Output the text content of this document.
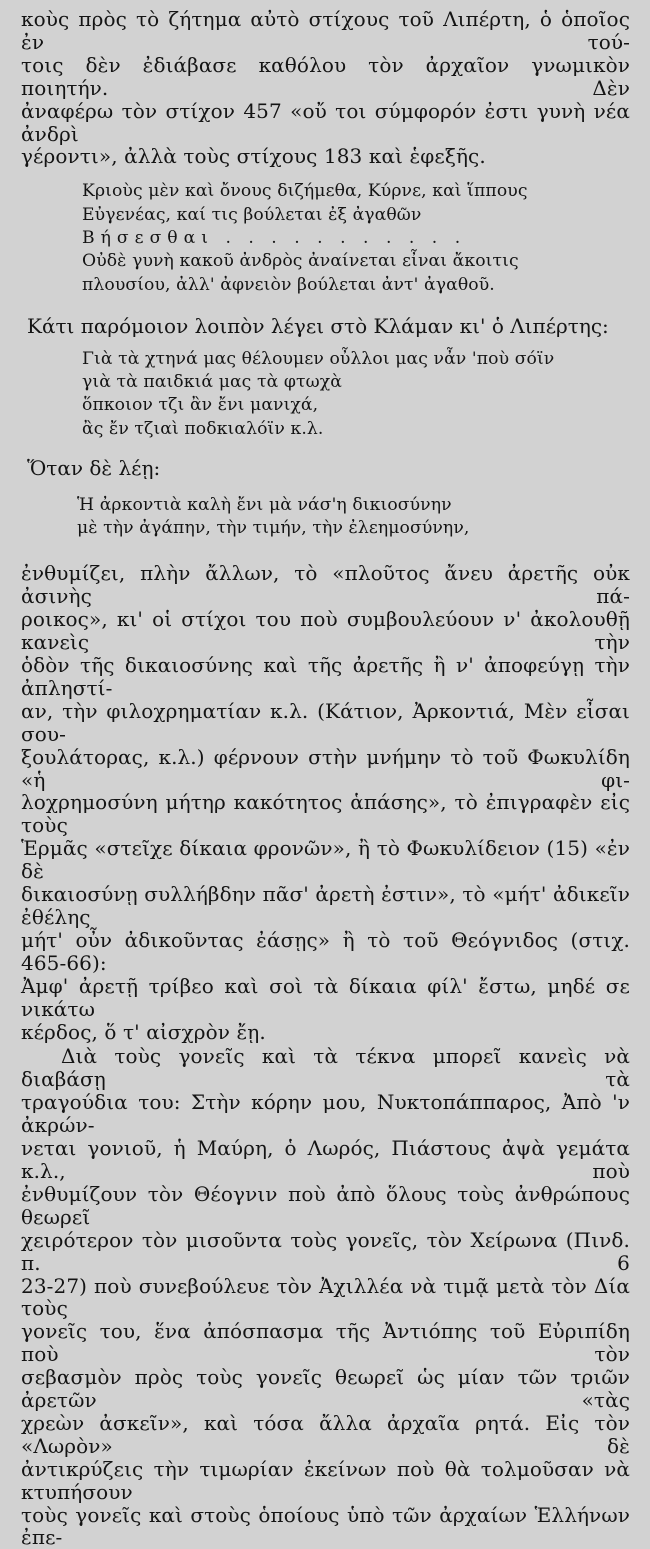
κοὺς πρὸς τὸ ζήτημα αὐτὸ στίχους τοῦ Λιπέρτη, ὁ ὁποῖος ἐν τού-
τοις δὲν ἐδιάβασε καθόλου τὸν ἀρχαῖον γνωμικὸν ποιητήν. Δὲν
ἀναφέρω τὸν στίχον 457 «οὔ τοι σύμφορόν ἐστι γυνὴ νέα ἀνδρὶ
γέροντι», ἀλλὰ τοὺς στίχους 183 καὶ ἑφεξῆς.
Κριοὺς μὲν καὶ ὄνους διζήμεθα, Κύρνε, καὶ ἵππους
Εὐγενέας, καί τις βούλεται ἐξ ἀγαθῶν
Βήσεσθαι . . . . . . . . . . .
Οὐδὲ γυνὴ κακοῦ ἀνδρὸς ἀναίνεται εἶναι ἄκοιτις
πλουσίου, ἀλλ' ἀφνειὸν βούλεται ἀντ' ἀγαθοῦ.
Κάτι παρόμοιον λοιπὸν λέγει στὸ Κλάμαν κι' ὁ Λιπέρτης:
Γιὰ τὰ χτηνά μας θέλουμεν οὖλλοι μας νἆν 'ποὺ σόϊν
γιὰ τὰ παιδκιά μας τὰ φτωχὰ
ὅπκοιον τζι ἂν ἔνι μανιχά,
ἂς ἔν τζιαὶ ποδκιαλόϊν κ.λ.
Ὅταν δὲ λέῃ:
Ἡ ἀρκοντιὰ καλὴ ἔνι μὰ νάσ'η δικιοσύνην
μὲ τὴν ἀγάπην, τὴν τιμήν, τὴν ἐλεημοσύνην,
ἐνθυμίζει, πλὴν ἄλλων, τὸ «πλοῦτος ἄνευ ἀρετῆς οὐκ ἀσινὴς πά-
ροικος», κι' οἱ στίχοι του ποὺ συμβουλεύουν ν' ἀκολουθῇ κανεὶς τὴν
ὁδὸν τῆς δικαιοσύνης καὶ τῆς ἀρετῆς ἢ ν' ἀποφεύγῃ τὴν ἀπληστί-
αν, τὴν φιλοχρηματίαν κ.λ. (Κάτιον, Ἀρκοντιά, Μὲν εἶσαι σου-
ξουλάτορας, κ.λ.) φέρνουν στὴν μνήμην τὸ τοῦ Φωκυλίδη «ἡ φι-
λοχρημοσύνη μήτηρ κακότητος ἁπάσης», τὸ ἐπιγραφὲν εἰς τοὺς
Ἑρμᾶς «στεῖχε δίκαια φρονῶν», ἢ τὸ Φωκυλίδειον (15) «ἐν δὲ
δικαιοσύνῃ συλλήβδην πᾶσ' ἀρετὴ ἐστιν», τὸ «μήτ' ἀδικεῖν ἐθέλης
μήτ' οὖν ἀδικοῦντας ἐάσῃς» ἢ τὸ τοῦ Θεόγνιδος (στιχ. 465-66):
Ἀμφ' ἀρετῇ τρίβεο καὶ σοὶ τὰ δίκαια φίλ' ἔστω, μηδέ σε νικάτω
κέρδος, ὅ τ' αἰσχρὸν ἔῃ.
Διὰ τοὺς γονεῖς καὶ τὰ τέκνα μπορεῖ κανεὶς νὰ διαβάσῃ τὰ
τραγούδια του: Στὴν κόρην μου, Νυκτοπάππαρος, Ἀπὸ 'ν ἀκρών-
νεται γονιοῦ, ἡ Μαύρη, ὁ Λωρός, Πιάστους ἀψὰ γεμάτα κ.λ., ποὺ
ἐνθυμίζουν τὸν Θέογνιν ποὺ ἀπὸ ὅλους τοὺς ἀνθρώπους θεωρεῖ
χειρότερον τὸν μισοῦντα τοὺς γονεῖς, τὸν Χείρωνα (Πινδ. π. 6
23-27) ποὺ συνεβούλευε τὸν Ἀχιλλέα νὰ τιμᾷ μετὰ τὸν Δία τοὺς
γονεῖς του, ἕνα ἀπόσπασμα τῆς Ἀντιόπης τοῦ Εὐριπίδη ποὺ τὸν
σεβασμὸν πρὸς τοὺς γονεῖς θεωρεῖ ὡς μίαν τῶν τριῶν ἀρετῶν «τὰς
χρεὼν ἀσκεῖν», καὶ τόσα ἄλλα ἀρχαῖα ρητά. Εἰς τὸν «Λωρὸν» δὲ
ἀντικρύζεις τὴν τιμωρίαν ἐκείνων ποὺ θὰ τολμοῦσαν νὰ κτυπήσουν
τοὺς γονεῖς καὶ στοὺς ὁποίους ὑπὸ τῶν ἀρχαίων Ἑλλήνων ἐπε-
